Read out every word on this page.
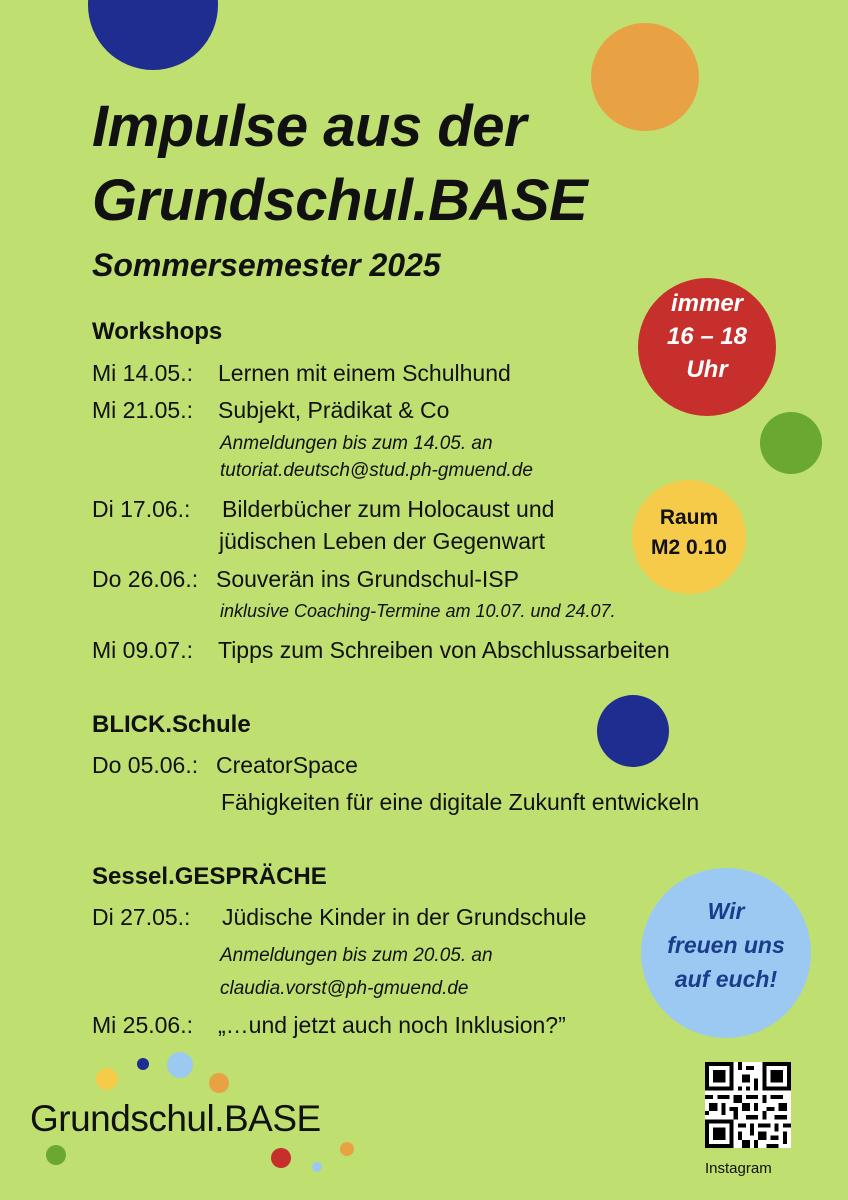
Impulse aus der
Grundschul.BASE
Sommersemester 2025
immer
16 – 18
Uhr
Raum
M2 0.10
Wir
freuen uns
auf euch!
Workshops
Mi 14.05.: Lernen mit einem Schulhund
Mi 21.05.: Subjekt, Prädikat & Co
Anmeldungen bis zum 14.05. an
tutoriat.deutsch@stud.ph-gmuend.de
Di 17.06.: Bilderbücher zum Holocaust und
jüdischen Leben der Gegenwart
Do 26.06.: Souverän ins Grundschul-ISP
inklusive Coaching-Termine am 10.07. und 24.07.
Mi 09.07.: Tipps zum Schreiben von Abschlussarbeiten
BLICK.Schule
Do 05.06.: CreatorSpace
Fähigkeiten für eine digitale Zukunft entwickeln
Sessel.GESPRÄCHE
Di 27.05.: Jüdische Kinder in der Grundschule
Anmeldungen bis zum 20.05. an
claudia.vorst@ph-gmuend.de
Mi 25.06.: „…und jetzt auch noch Inklusion?”
Grundschul.BASE
Instagram
